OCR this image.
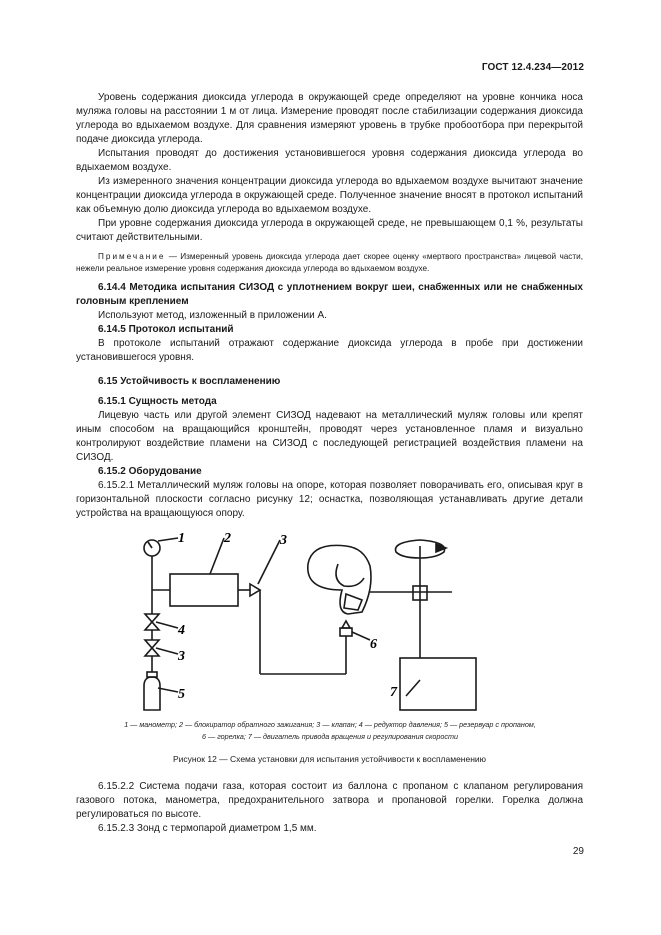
ГОСТ 12.4.234—2012

Уровень содержания диоксида углерода в окружающей среде определяют на уровне кончика носа муляжа головы на расстоянии 1 м от лица. Измерение проводят после стабилизации содержания диоксида углерода во вдыхаемом воздухе. Для сравнения измеряют уровень в трубке пробоотбора при перекрытой подаче диоксида углерода.

Испытания проводят до достижения установившегося уровня содержания диоксида углерода во вдыхаемом воздухе.

Из измеренного значения концентрации диоксида углерода во вдыхаемом воздухе вычитают значение концентрации диоксида углерода в окружающей среде. Полученное значение вносят в протокол испытаний как объемную долю диоксида углерода во вдыхаемом воздухе.

При уровне содержания диоксида углерода в окружающей среде, не превышающем 0,1 %, результаты считают действительными.

Примечание — Измеренный уровень диоксида углерода дает скорее оценку «мертвого пространства» лицевой части, нежели реальное измерение уровня содержания диоксида углерода во вдыхаемом воздухе.

6.14.4 Методика испытания СИЗОД с уплотнением вокруг шеи, снабженных или не снабженных головным креплением

Используют метод, изложенный в приложении А.

6.14.5 Протокол испытаний

В протоколе испытаний отражают содержание диоксида углерода в пробе при достижении установившегося уровня.

6.15 Устойчивость к воспламенению

6.15.1 Сущность метода

Лицевую часть или другой элемент СИЗОД надевают на металлический муляж головы или крепят иным способом на вращающийся кронштейн, проводят через установленное пламя и визуально контролируют воздействие пламени на СИЗОД с последующей регистрацией воздействия пламени на СИЗОД.

6.15.2 Оборудование

6.15.2.1 Металлический муляж головы на опоре, которая позволяет поворачивать его, описывая круг в горизонтальной плоскости согласно рисунку 12; оснастка, позволяющая устанавливать другие детали устройства на вращающуюся опору.

1	2	3
4
3
5
6
7
1 — манометр; 2 — блокиратор обратного зажигания; 3 — клапан; 4 — редуктор давления; 5 — резервуар с пропаном,
6 — горелка; 7 — двигатель привода вращения и регулирования скорости
Рисунок 12 — Схема установки для испытания устойчивости к воспламенению

6.15.2.2 Система подачи газа, которая состоит из баллона с пропаном с клапаном регулирования газового потока, манометра, предохранительного затвора и пропановой горелки. Горелка должна регулироваться по высоте.

6.15.2.3 Зонд с термопарой диаметром 1,5 мм.

29
